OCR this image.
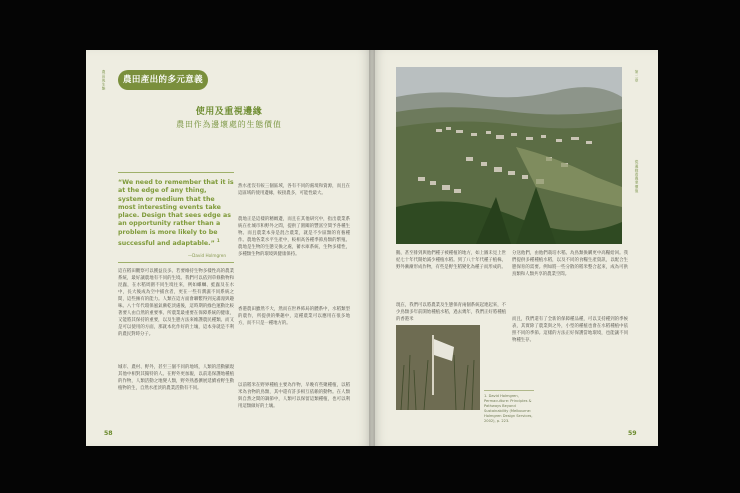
農田與生態	農田產出的多元意義
使用及重視邊緣
農田作為邊壞處的生態價值
“We need to remember that it is at the edge of any thing, system or medium that the most interesting events take place. Design that sees edge as an opportunity rather than a problem is more likely to be successful and adaptable.” $^1$
—David Holmgren
這在稻田觀察可以獲益良多。若要維持生物多樣性高的農業系統，最好讓農地有不同的生境。我們可以依到草條動物和昆蟲，在水稻周圍不同生境往來，例如螺螄、蛙蟲及在水中，長大後成為空中捕食者，更在一些有潤濕不同系統之間，這些擁有的能力。人類在這方面會聯繫得到充滿漫與趣味。八十年代環保風氣漸乾淡處後，這時期的綠色運動比較著要人由自然的重要事。所農業最重要在保障系統的健康，又能將其保持的重要，以及生態方法來維護農民種類。而又是可以使用的方面，那就本化作好的土壤，這本身就是不利的農民對時分子。
城市、農村、野外，甚至三個不同的地域，人類的活動顯現其他中相對其獨特的人。在野外更加親，以前追保護地種植的作物，人類活動之地變人類，野外熟悉擴展延續看野生動植物的生，自然水產淡的農業活動有不同。
然水產沒有較三個區域，各有不同的處境和資源，而且在這區域的使用邊緣，較接農多，可能性最大。
農地正是這樣的精緻邊，而且在其他研究中，指出農業系統在社城市和野外之間，提供了園關的豐富空間予各種生物。而且農業本身是混合農業，就是不少區類的育養種作。農地各業水平生產中，較相高各種季節鳥類的繁殖。農地是生物的生態交換之處，蓄水庫系統，生物多樣性，多種類生物的環境與健康保持。
香港農田雖然不大，然而在世界佈局的體系中，水稻類型的農作，所提供的樂趣中，這種農業可以應用在很多地方，而不只是一種地方的。
以前稻米在野界種植主要為作物，早晚有些聚種植，以稻米為食物的鳥類，其中還有許多相互依賴的動物。在人類與自然之間的調節中，人類可以保留這類種植，也可以利用這類做好的土壤。
58
第二章
從邊緣看農業價值
鵝，甚至排到與他們種子被種植的地方，如上圖未見上世紀七十年代開始減少種植水稻。到了八十年代種子植株，野外漸漸形成作物，有些是野生稻變化為種子而形成的。
現在，我們可以將農業及生態保育兩個系統起連起來，不少鳥類多年前開始種植水稻，過去幾年，我們正好將種植的香港米
分送他們，由他們栽培水稻。為鳥類換購更中高糧給回。我們提供多種種植水稻，以及不同的食糧生產資訊，以配合生態保育的需要。例如將一些分散的稻米整合起來，成為可供鳥類和人類共享的農業空間。
而且，我們還有了全新的保障種品種，可以支持種到的季候表，其實除了農業與之外，小型的種植也會在水稻種植中依照不同的季節。這樣的方法正好保護當地環境，也能讓不同物種生存。
1. David Holmgren, Permaculture: Principles & Pathways Beyond Sustainability (Melbourne: Holmgren Design Services, 2002), p. 223.
59
